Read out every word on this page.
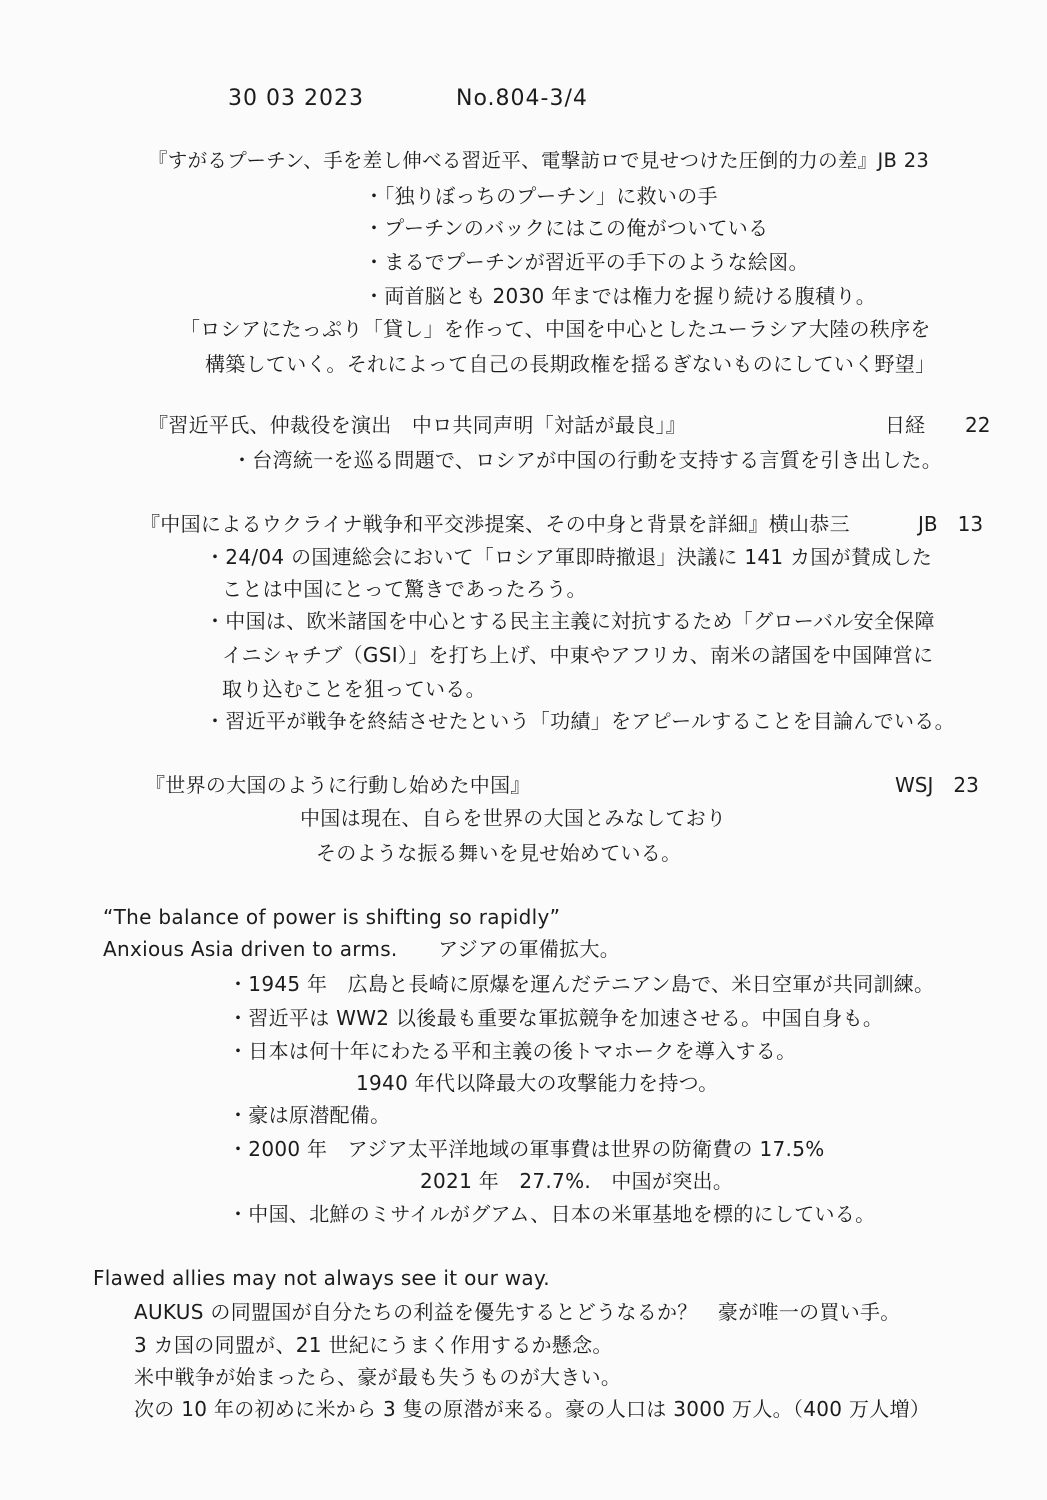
30 03 2023	No.804-3/4
『すがるプーチン、手を差し伸べる習近平、電撃訪ロで見せつけた圧倒的力の差』JB 23
・「独りぼっちのプーチン」に救いの手
・プーチンのバックにはこの俺がついている
・まるでプーチンが習近平の手下のような絵図。
・両首脳とも 2030 年までは権力を握り続ける腹積り。
「ロシアにたっぷり「貸し」を作って、中国を中心としたユーラシア大陸の秩序を
構築していく。それによって自己の長期政権を揺るぎないものにしていく野望」
『習近平氏、仲裁役を演出　中ロ共同声明「対話が最良」』	日経　　22
・台湾統一を巡る問題で、ロシアが中国の行動を支持する言質を引き出した。
『中国によるウクライナ戦争和平交渉提案、その中身と背景を詳細』横山恭三	JB　13
・24/04 の国連総会において「ロシア軍即時撤退」決議に 141 カ国が賛成した
ことは中国にとって驚きであったろう。
・中国は、欧米諸国を中心とする民主主義に対抗するため「グローバル安全保障
イニシャチブ（GSI）」を打ち上げ、中東やアフリカ、南米の諸国を中国陣営に
取り込むことを狙っている。
・習近平が戦争を終結させたという「功績」をアピールすることを目論んでいる。
『世界の大国のように行動し始めた中国』	WSJ　23
中国は現在、自らを世界の大国とみなしており
そのような振る舞いを見せ始めている。
“The balance of power is shifting so rapidly”
Anxious Asia driven to arms.　　アジアの軍備拡大。
・1945 年　広島と長崎に原爆を運んだテニアン島で、米日空軍が共同訓練。
・習近平は WW2 以後最も重要な軍拡競争を加速させる。中国自身も。
・日本は何十年にわたる平和主義の後トマホークを導入する。
1940 年代以降最大の攻撃能力を持つ。
・豪は原潜配備。
・2000 年　アジア太平洋地域の軍事費は世界の防衛費の 17.5%
2021 年　27.7%.　中国が突出。
・中国、北鮮のミサイルがグアム、日本の米軍基地を標的にしている。
Flawed allies may not always see it our way.
AUKUS の同盟国が自分たちの利益を優先するとどうなるか？　豪が唯一の買い手。
3 カ国の同盟が、21 世紀にうまく作用するか懸念。
米中戦争が始まったら、豪が最も失うものが大きい。
次の 10 年の初めに米から 3 隻の原潜が来る。豪の人口は 3000 万人。（400 万人増）
